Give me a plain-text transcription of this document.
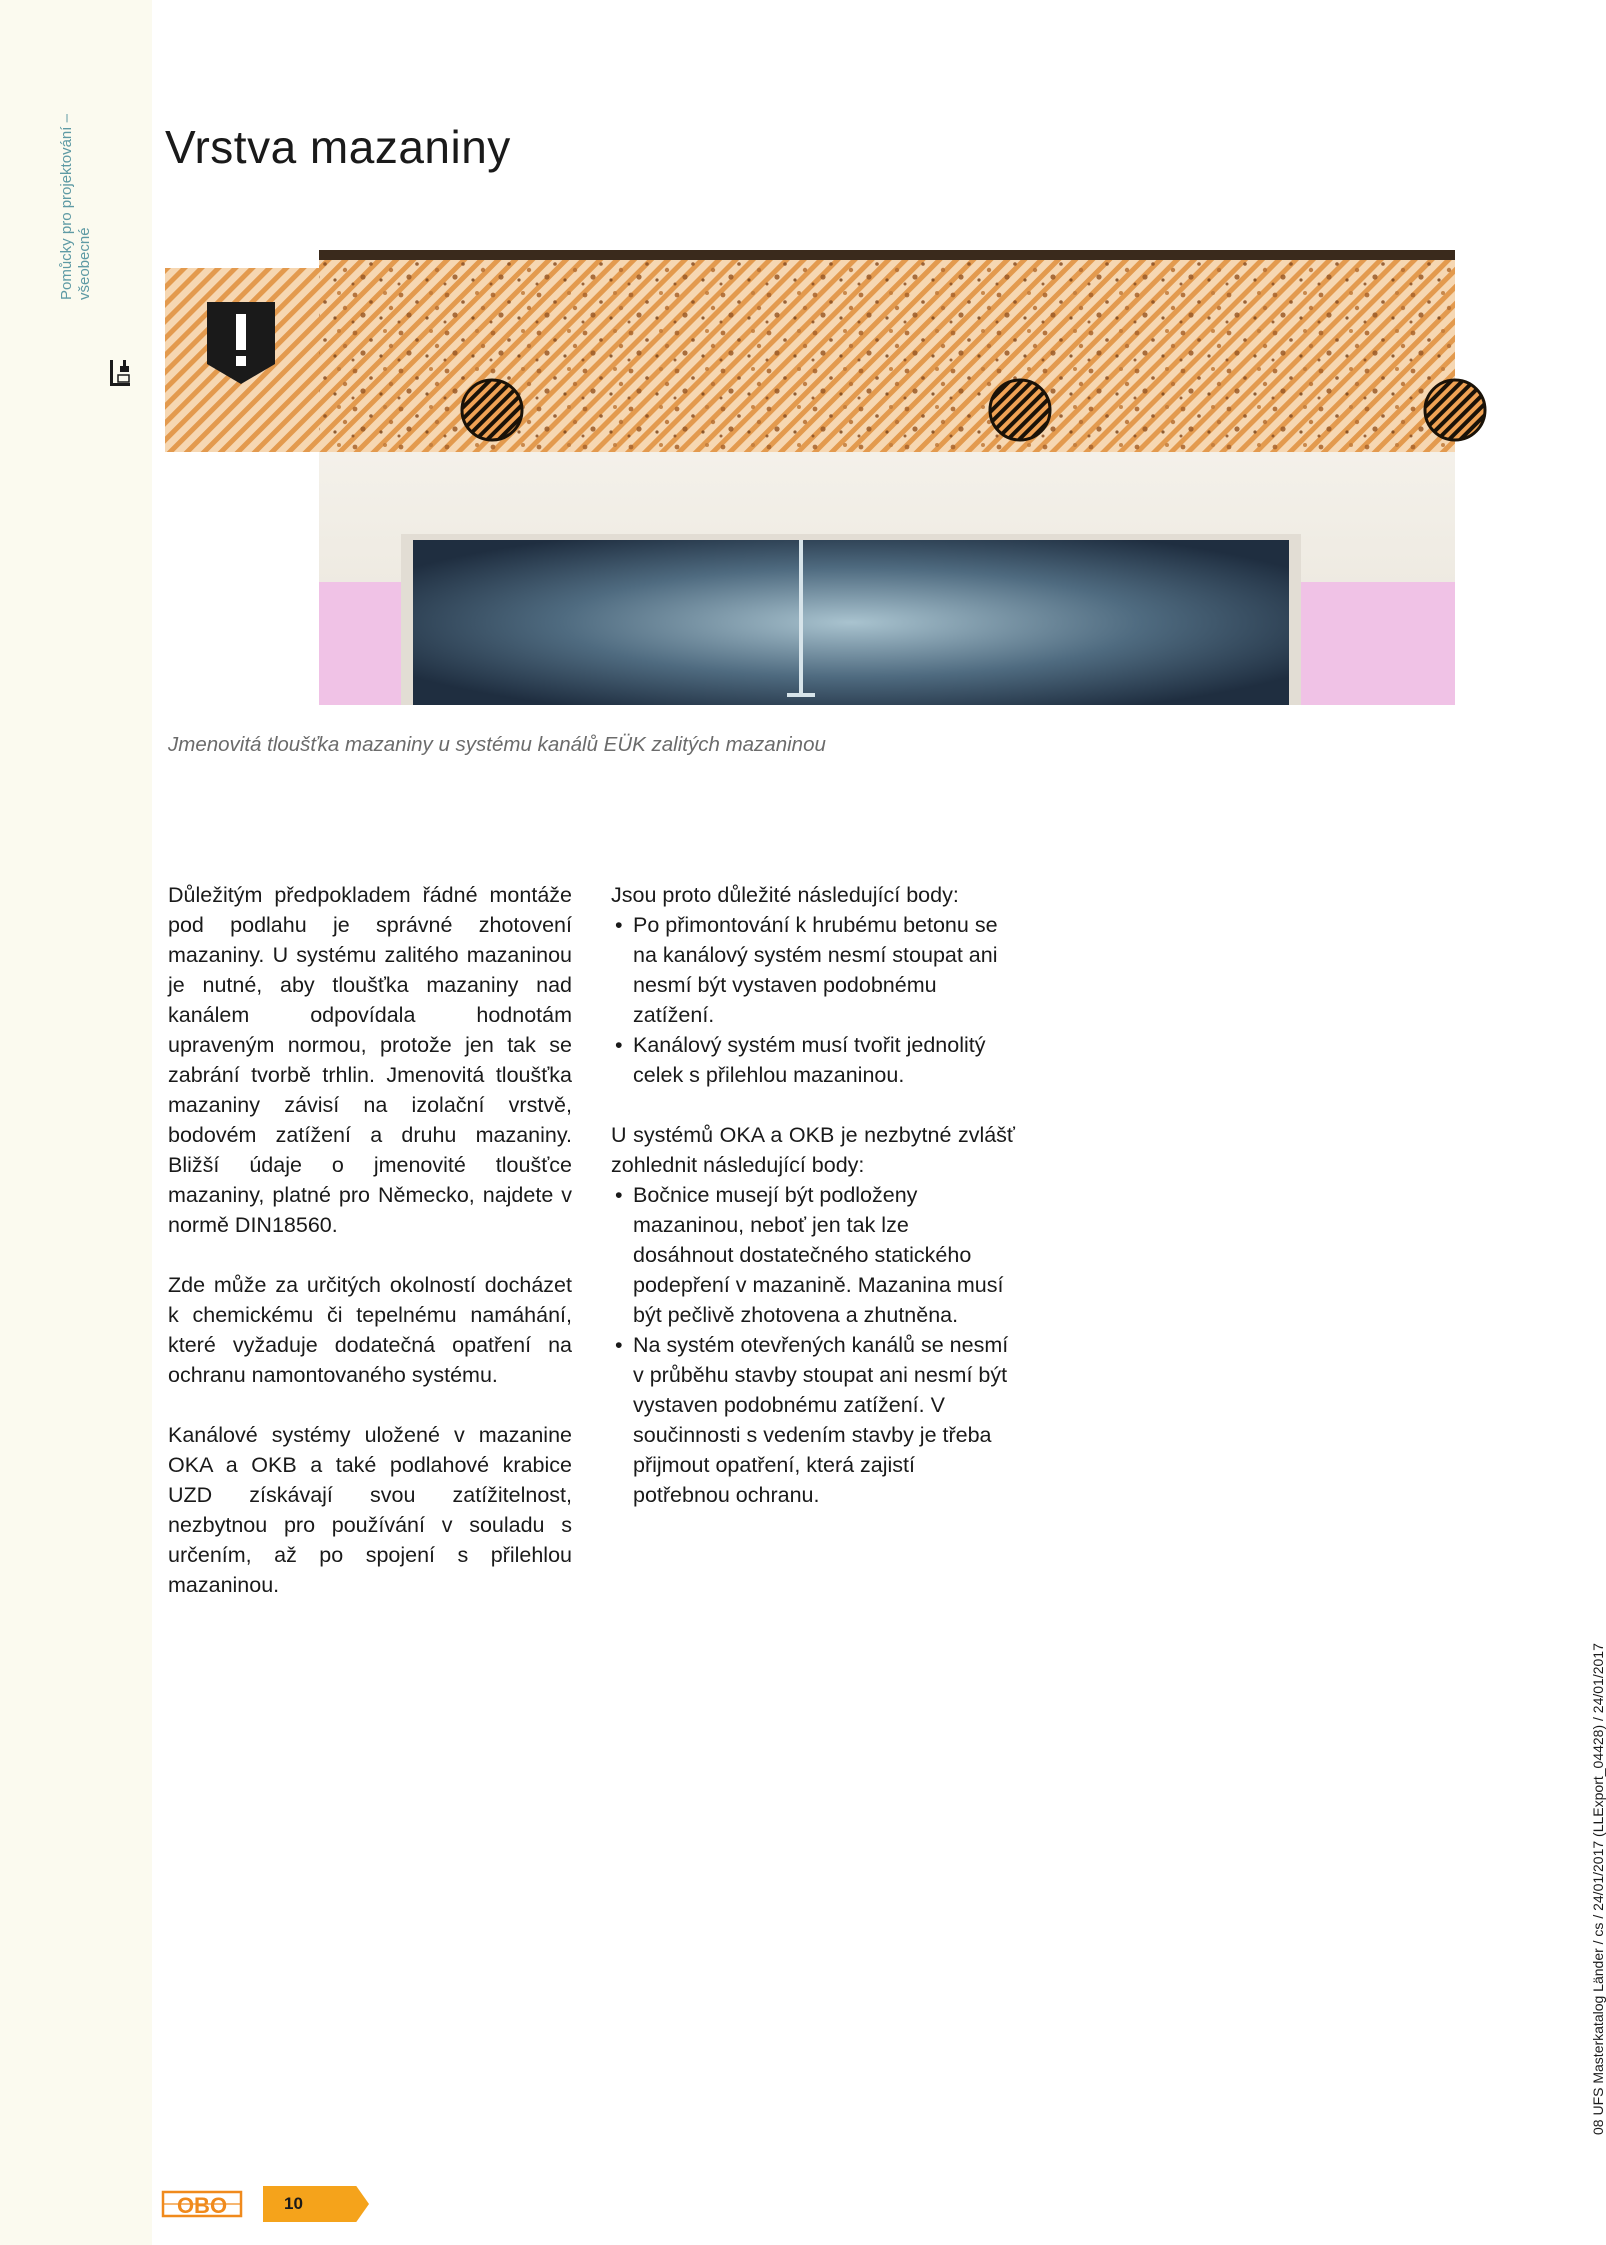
Pomůcky pro projektování – všeobecné
Vrstva mazaniny
Jmenovitá tloušťka mazaniny u systému kanálů EÜK zalitých mazaninou

Důležitým předpokladem řádné montáže pod podlahu je správné zhotovení mazaniny. U systému zalitého mazaninou je nutné, aby tloušťka mazaniny nad kanálem odpovídala hodnotám upraveným normou, protože jen tak se zabrání tvorbě trhlin. Jmenovitá tloušťka mazaniny závisí na izolační vrstvě, bodovém zatížení a druhu mazaniny. Bližší údaje o jmenovité tloušťce mazaniny, platné pro Německo, najdete v normě DIN18560.

Zde může za určitých okolností docházet k chemickému či tepelnému namáhání, které vyžaduje dodatečná opatření na ochranu namontovaného systému.

Kanálové systémy uložené v mazanine OKA a OKB a také podlahové krabice UZD získávají svou zatížitelnost, nezbytnou pro používání v souladu s určením, až po spojení s přilehlou mazaninou.

Jsou proto důležité následující body:

• Po přimontování k hrubému betonu se na kanálový systém nesmí stoupat ani nesmí být vystaven podobnému zatížení.
• Kanálový systém musí tvořit jednolitý celek s přilehlou mazaninou.

U systémů OKA a OKB je nezbytné zvlášť zohlednit následující body:

• Bočnice musejí být podloženy mazaninou, neboť jen tak lze dosáhnout dostatečného statického podepření v mazanině. Mazanina musí být pečlivě zhotovena a zhutněna.
• Na systém otevřených kanálů se nesmí v průběhu stavby stoupat ani nesmí být vystaven podobnému zatížení. V součinnosti s vedením stavby je třeba přijmout opatření, která zajistí potřebnou ochranu.
OBO	10
08 UFS Masterkatalog Länder / cs / 24/01/2017 (LLExport_04428) / 24/01/2017
